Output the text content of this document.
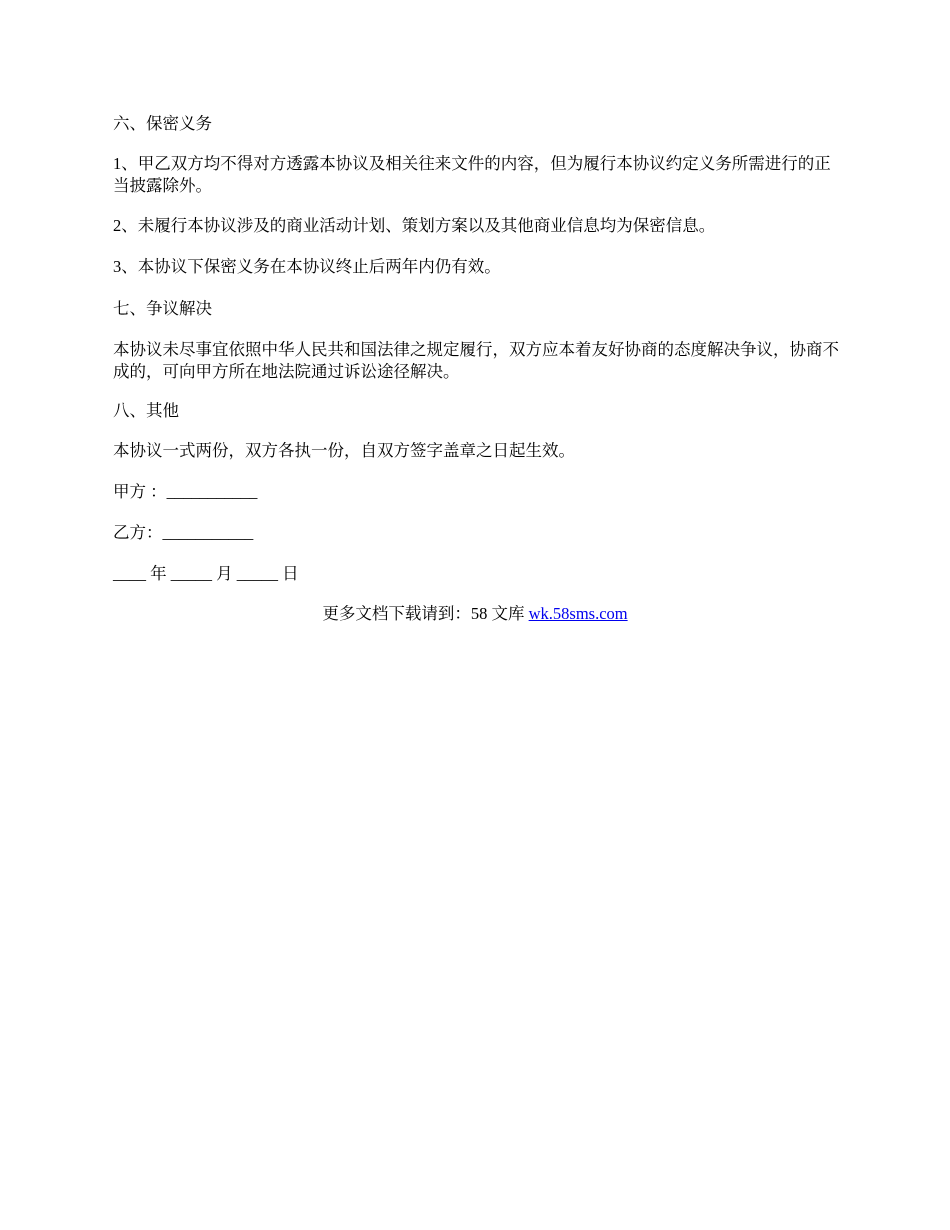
六、保密义务
1、甲乙双方均不得对方透露本协议及相关往来文件的内容，但为履行本协议约定义务所需进行的正当披露除外。
2、未履行本协议涉及的商业活动计划、策划方案以及其他商业信息均为保密信息。
3、本协议下保密义务在本协议终止后两年内仍有效。
七、争议解决
本协议未尽事宜依照中华人民共和国法律之规定履行，双方应本着友好协商的态度解决争议，协商不成的，可向甲方所在地法院通过诉讼途径解决。
八、其他
本协议一式两份，双方各执一份，自双方签字盖章之日起生效。
甲方 ：___________
乙方：___________
____ 年 _____ 月 _____ 日
更多文档下载请到：58 文库 wk.58sms.com
